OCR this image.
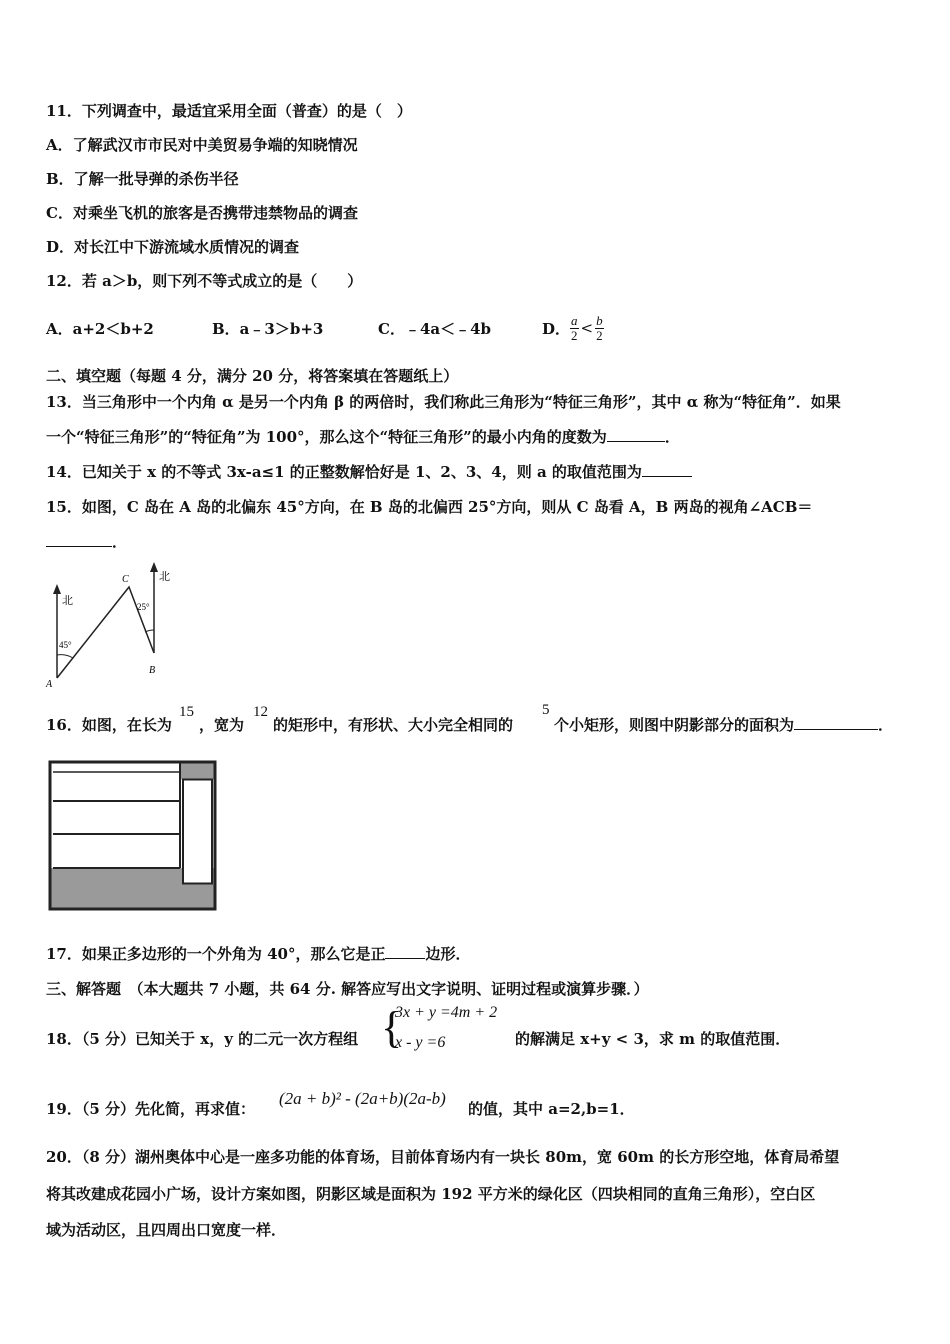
11．下列调查中，最适宜采用全面（普查）的是（　）
A．了解武汉市市民对中美贸易争端的知晓情况
B．了解一批导弹的杀伤半径
C．对乘坐飞机的旅客是否携带违禁物品的调查
D．对长江中下游流域水质情况的调查
12．若 a＞b，则下列不等式成立的是（　　）
A．a+2＜b+2	B．a﹣3＞b+3	C．﹣4a＜﹣4b	D． $\frac{a}{2} < \frac{b}{2}$
二、填空题（每题 4 分，满分 20 分，将答案填在答题纸上）
13．当三角形中一个内角 α 是另一个内角 β 的两倍时，我们称此三角形为“特征三角形”，其中 α 称为“特征角”．如果
一个“特征三角形”的“特征角”为 100°，那么这个“特征三角形”的最小内角的度数为	．
14．已知关于 x 的不等式 3x-a≤1 的正整数解恰好是 1、2、3、4，则 a 的取值范围为
15．如图，C 岛在 A 岛的北偏东 45°方向，在 B 岛的北偏西 25°方向，则从 C 岛看 A，B 两岛的视角∠ACB＝
．
北
北
45°
25°
A
B
C
16．如图，在长为
15
，宽为
12
的矩形中，有形状、大小完全相同的
5
个小矩形，则图中阴影部分的面积为	．
17．如果正多边形的一个外角为 40°，那么它是正	边形．
三、解答题　（本大题共 7 小题，共 64 分. 解答应写出文字说明、证明过程或演算步骤．）
18．（5 分）已知关于 x，y 的二元一次方程组 {
3x + y =4m + 2
x - y =6	的解满足 x+y < 3，求 m 的取值范围．
19．（5 分）先化简，再求值：
(2a + b)² - (2a+b)(2a-b)
的值，其中 a=2,b=1．
20．（8 分）湖州奥体中心是一座多功能的体育场，目前体育场内有一块长 80m，宽 60m 的长方形空地，体育局希望
将其改建成花园小广场，设计方案如图，阴影区域是面积为 192 平方米的绿化区（四块相同的直角三角形），空白区
域为活动区，且四周出口宽度一样．
